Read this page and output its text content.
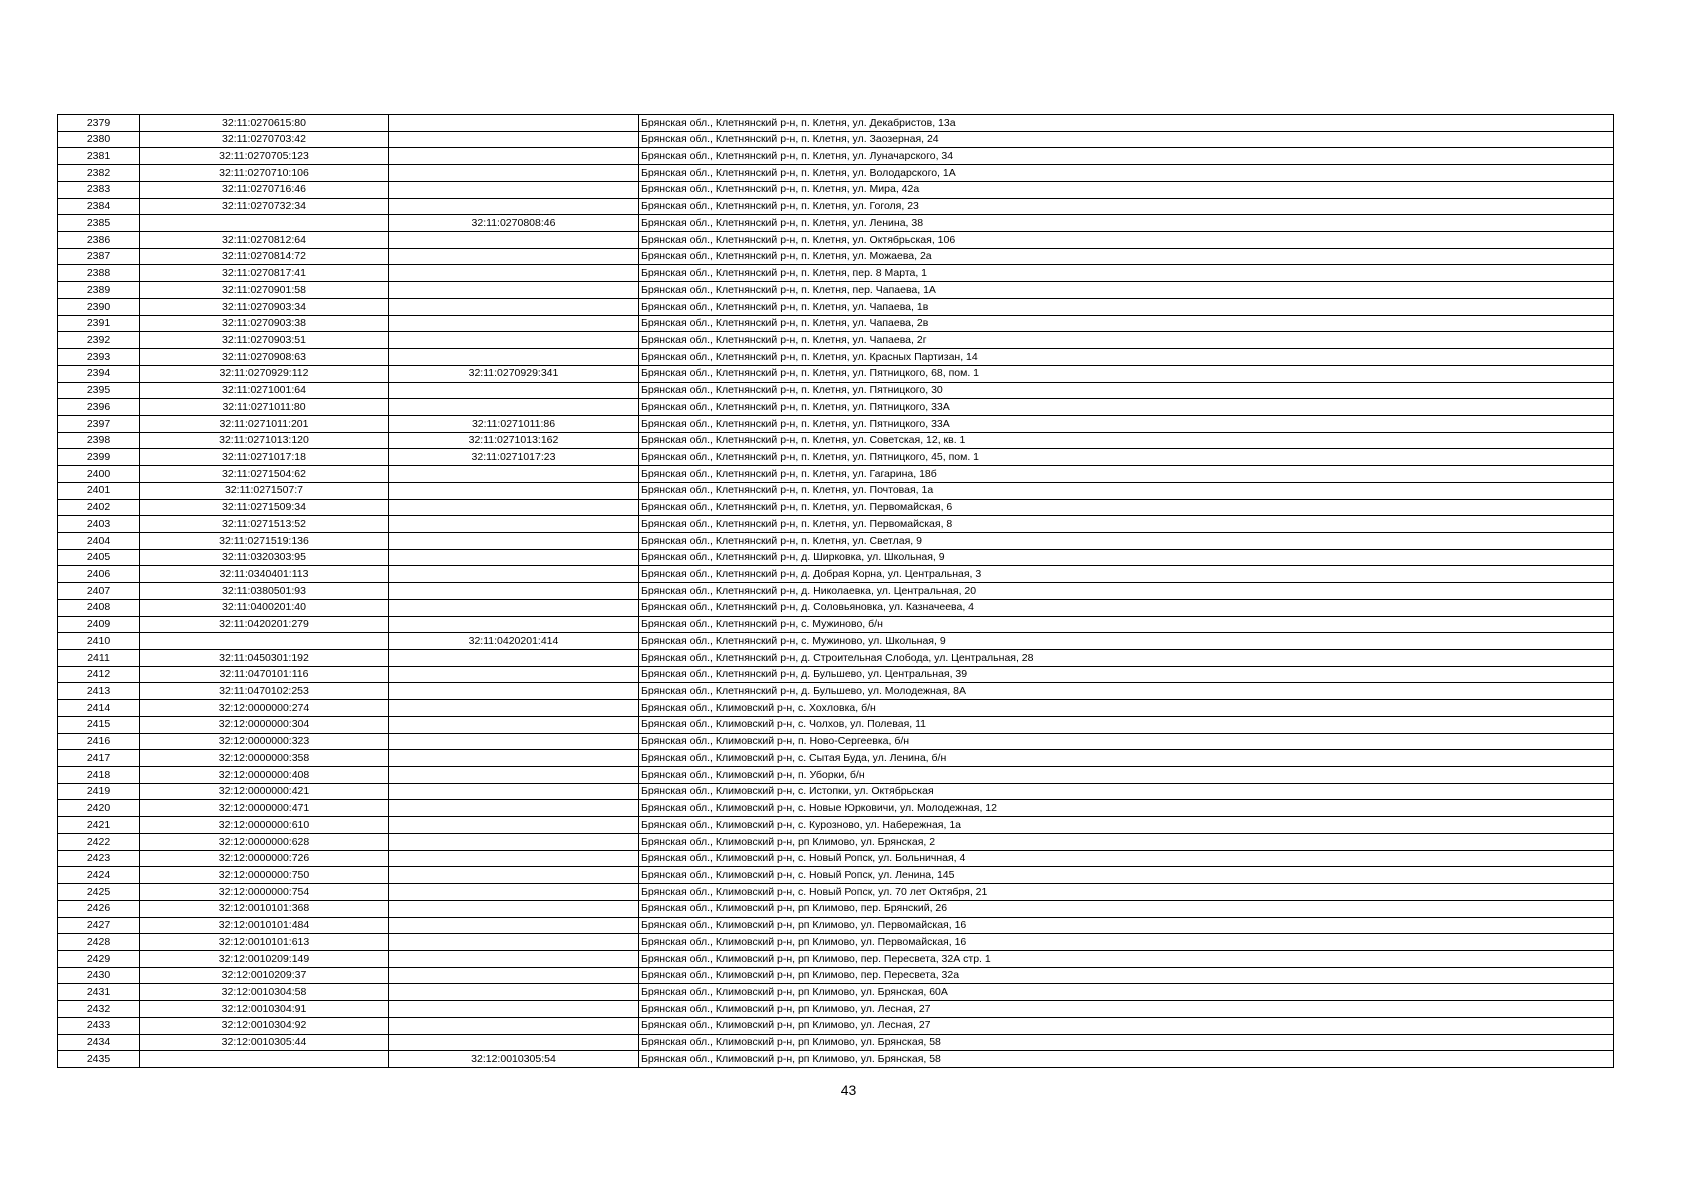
2379	32:11:0270615:80		Брянская обл., Клетнянский р-н, п. Клетня, ул. Декабристов, 13а
2380	32:11:0270703:42		Брянская обл., Клетнянский р-н, п. Клетня, ул. Заозерная, 24
2381	32:11:0270705:123		Брянская обл., Клетнянский р-н, п. Клетня, ул. Луначарского, 34
2382	32:11:0270710:106		Брянская обл., Клетнянский р-н, п. Клетня, ул. Володарского, 1А
2383	32:11:0270716:46		Брянская обл., Клетнянский р-н, п. Клетня, ул. Мира, 42а
2384	32:11:0270732:34		Брянская обл., Клетнянский р-н, п. Клетня, ул. Гоголя, 23
2385		32:11:0270808:46	Брянская обл., Клетнянский р-н, п. Клетня, ул. Ленина, 38
2386	32:11:0270812:64		Брянская обл., Клетнянский р-н, п. Клетня, ул. Октябрьская, 106
2387	32:11:0270814:72		Брянская обл., Клетнянский р-н, п. Клетня, ул. Можаева, 2а
2388	32:11:0270817:41		Брянская обл., Клетнянский р-н, п. Клетня, пер. 8 Марта, 1
2389	32:11:0270901:58		Брянская обл., Клетнянский р-н, п. Клетня, пер. Чапаева, 1А
2390	32:11:0270903:34		Брянская обл., Клетнянский р-н, п. Клетня, ул. Чапаева, 1в
2391	32:11:0270903:38		Брянская обл., Клетнянский р-н, п. Клетня, ул. Чапаева, 2в
2392	32:11:0270903:51		Брянская обл., Клетнянский р-н, п. Клетня, ул. Чапаева, 2г
2393	32:11:0270908:63		Брянская обл., Клетнянский р-н, п. Клетня, ул. Красных Партизан, 14
2394	32:11:0270929:112	32:11:0270929:341	Брянская обл., Клетнянский р-н, п. Клетня, ул. Пятницкого, 68, пом. 1
2395	32:11:0271001:64		Брянская обл., Клетнянский р-н, п. Клетня, ул. Пятницкого, 30
2396	32:11:0271011:80		Брянская обл., Клетнянский р-н, п. Клетня, ул. Пятницкого, 33А
2397	32:11:0271011:201	32:11:0271011:86	Брянская обл., Клетнянский р-н, п. Клетня, ул. Пятницкого, 33А
2398	32:11:0271013:120	32:11:0271013:162	Брянская обл., Клетнянский р-н, п. Клетня, ул. Советская, 12, кв. 1
2399	32:11:0271017:18	32:11:0271017:23	Брянская обл., Клетнянский р-н, п. Клетня, ул. Пятницкого, 45, пом. 1
2400	32:11:0271504:62		Брянская обл., Клетнянский р-н, п. Клетня, ул. Гагарина, 18б
2401	32:11:0271507:7		Брянская обл., Клетнянский р-н, п. Клетня, ул. Почтовая, 1а
2402	32:11:0271509:34		Брянская обл., Клетнянский р-н, п. Клетня, ул. Первомайская, 6
2403	32:11:0271513:52		Брянская обл., Клетнянский р-н, п. Клетня, ул. Первомайская, 8
2404	32:11:0271519:136		Брянская обл., Клетнянский р-н, п. Клетня, ул. Светлая, 9
2405	32:11:0320303:95		Брянская обл., Клетнянский р-н, д. Ширковка, ул. Школьная, 9
2406	32:11:0340401:113		Брянская обл., Клетнянский р-н, д. Добрая Корна, ул. Центральная, 3
2407	32:11:0380501:93		Брянская обл., Клетнянский р-н, д. Николаевка, ул. Центральная, 20
2408	32:11:0400201:40		Брянская обл., Клетнянский р-н, д. Соловьяновка, ул. Казначеева, 4
2409	32:11:0420201:279		Брянская обл., Клетнянский р-н, с. Мужиново, б/н
2410		32:11:0420201:414	Брянская обл., Клетнянский р-н, с. Мужиново, ул. Школьная, 9
2411	32:11:0450301:192		Брянская обл., Клетнянский р-н, д. Строительная Слобода, ул. Центральная, 28
2412	32:11:0470101:116		Брянская обл., Клетнянский р-н, д. Бульшево, ул. Центральная, 39
2413	32:11:0470102:253		Брянская обл., Клетнянский р-н, д. Бульшево, ул. Молодежная, 8А
2414	32:12:0000000:274		Брянская обл., Климовский р-н, с. Хохловка, б/н
2415	32:12:0000000:304		Брянская обл., Климовский р-н, с. Чолхов, ул. Полевая, 11
2416	32:12:0000000:323		Брянская обл., Климовский р-н, п. Ново-Сергеевка, б/н
2417	32:12:0000000:358		Брянская обл., Климовский р-н, с. Сытая Буда, ул. Ленина, б/н
2418	32:12:0000000:408		Брянская обл., Климовский р-н, п. Уборки, б/н
2419	32:12:0000000:421		Брянская обл., Климовский р-н, с. Истопки, ул. Октябрьская
2420	32:12:0000000:471		Брянская обл., Климовский р-н, с. Новые Юрковичи, ул. Молодежная, 12
2421	32:12:0000000:610		Брянская обл., Климовский р-н, с. Курозново, ул. Набережная, 1а
2422	32:12:0000000:628		Брянская обл., Климовский р-н, рп Климово, ул. Брянская, 2
2423	32:12:0000000:726		Брянская обл., Климовский р-н, с. Новый Ропск, ул. Больничная, 4
2424	32:12:0000000:750		Брянская обл., Климовский р-н, с. Новый Ропск, ул. Ленина, 145
2425	32:12:0000000:754		Брянская обл., Климовский р-н, с. Новый Ропск, ул. 70 лет Октября, 21
2426	32:12:0010101:368		Брянская обл., Климовский р-н, рп Климово, пер. Брянский, 26
2427	32:12:0010101:484		Брянская обл., Климовский р-н, рп Климово, ул. Первомайская, 16
2428	32:12:0010101:613		Брянская обл., Климовский р-н, рп Климово, ул. Первомайская, 16
2429	32:12:0010209:149		Брянская обл., Климовский р-н, рп Климово, пер. Пересвета, 32А стр. 1
2430	32:12:0010209:37		Брянская обл., Климовский р-н, рп Климово, пер. Пересвета, 32а
2431	32:12:0010304:58		Брянская обл., Климовский р-н, рп Климово, ул. Брянская, 60А
2432	32:12:0010304:91		Брянская обл., Климовский р-н, рп Климово, ул. Лесная, 27
2433	32:12:0010304:92		Брянская обл., Климовский р-н, рп Климово, ул. Лесная, 27
2434	32:12:0010305:44		Брянская обл., Климовский р-н, рп Климово, ул. Брянская, 58
2435		32:12:0010305:54	Брянская обл., Климовский р-н, рп Климово, ул. Брянская, 58
43
